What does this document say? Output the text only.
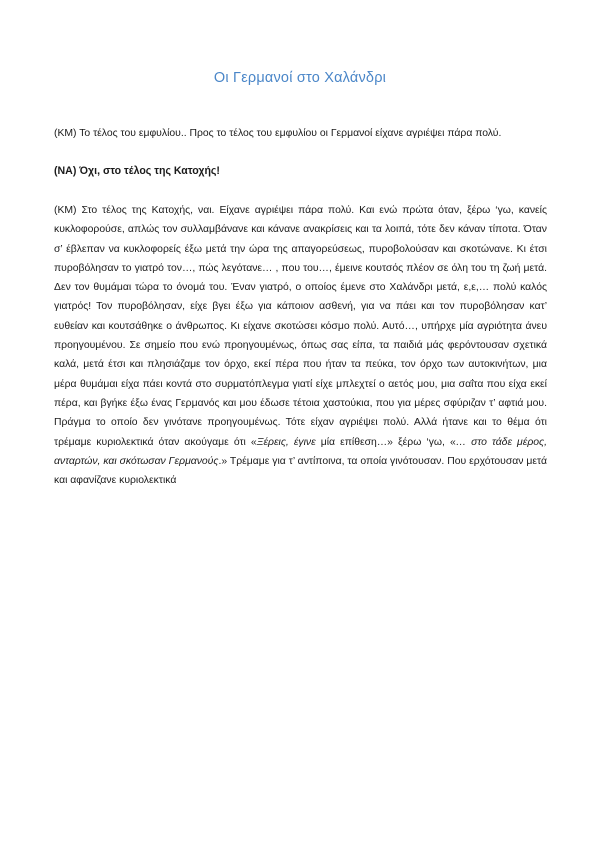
Οι Γερμανοί στο Χαλάνδρι

(ΚΜ) Το τέλος του εμφυλίου.. Προς το τέλος του εμφυλίου οι Γερμανοί είχανε αγριέψει πάρα πολύ.

(ΝΑ) Όχι, στο τέλος της Κατοχής!

(ΚΜ) Στο τέλος της Κατοχής, ναι. Είχανε αγριέψει πάρα πολύ. Και ενώ πρώτα όταν, ξέρω ‘γω, κανείς κυκλοφορούσε, απλώς τον συλλαμβάνανε και κάνανε ανακρίσεις και τα λοιπά, τότε δεν κάναν τίποτα. Όταν σ’ έβλεπαν να κυκλοφορείς έξω μετά την ώρα της απαγορεύσεως, πυροβολούσαν και σκοτώνανε. Κι έτσι πυροβόλησαν το γιατρό τον…, πώς λεγότανε… , που του…, έμεινε κουτσός πλέον σε όλη του τη ζωή μετά. Δεν τον θυμάμαι τώρα το όνομά του. Έναν γιατρό, ο οποίος έμενε στο Χαλάνδρι μετά, ε,ε,… πολύ καλός γιατρός! Τον πυροβόλησαν, είχε βγει έξω για κάποιον ασθενή, για να πάει και τον πυροβόλησαν κατ’ ευθείαν και κουτσάθηκε ο άνθρωπος. Κι είχανε σκοτώσει κόσμο πολύ. Αυτό…, υπήρχε μία αγριότητα άνευ προηγουμένου. Σε σημείο που ενώ προηγουμένως, όπως σας είπα, τα παιδιά μάς φερόντουσαν σχετικά καλά, μετά έτσι και πλησιάζαμε τον όρχο, εκεί πέρα που ήταν τα πεύκα, τον όρχο των αυτοκινήτων, μια μέρα θυμάμαι είχα πάει κοντά στο συρματόπλεγμα γιατί είχε μπλεχτεί ο αετός μου, μια σαΐτα που είχα εκεί πέρα, και βγήκε έξω ένας Γερμανός και μου έδωσε τέτοια χαστούκια, που για μέρες σφύριζαν τ’ αφτιά μου. Πράγμα το οποίο δεν γινότανε προηγουμένως. Τότε είχαν αγριέψει πολύ. Αλλά ήτανε και το θέμα ότι τρέμαμε κυριολεκτικά όταν ακούγαμε ότι «Ξέρεις, έγινε μία επίθεση…» ξέρω ‘γω, «… στο τάδε μέρος, ανταρτών, και σκότωσαν Γερμανούς.» Τρέμαμε για τ’ αντίποινα, τα οποία γινότουσαν. Που ερχότουσαν μετά και αφανίζανε κυριολεκτικά
